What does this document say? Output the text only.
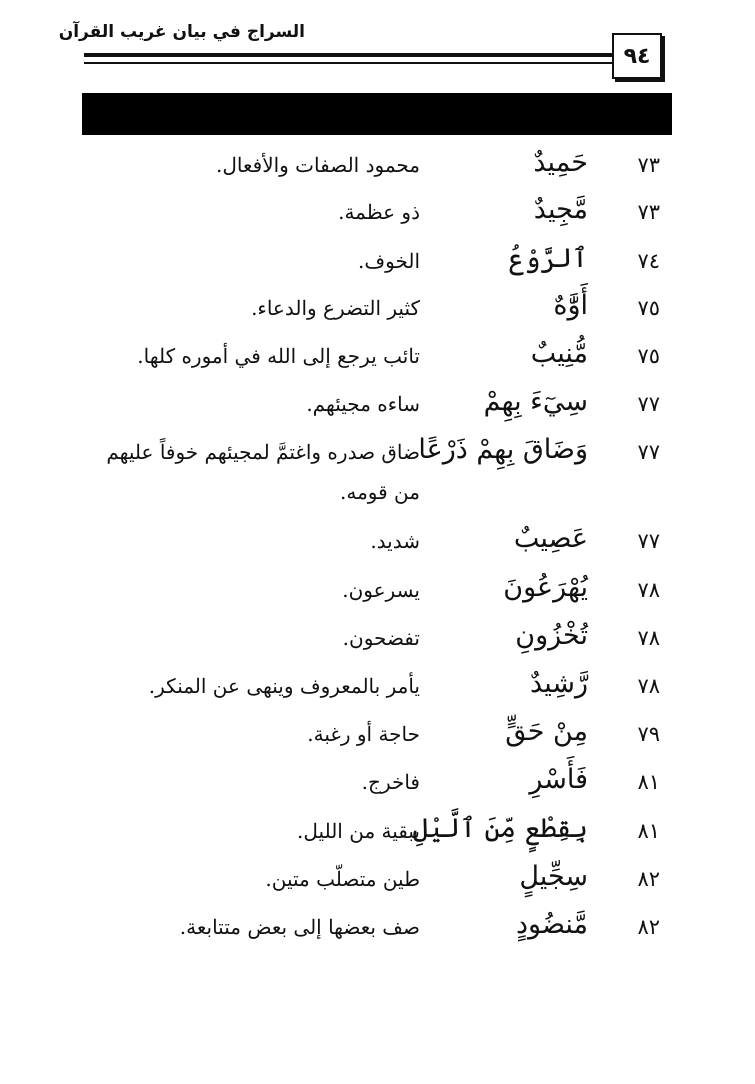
السراج في بيان غريب القرآن
٩٤
٧٣
حَمِيدٌ
محمود الصفات والأفعال.
٧٣
مَّجِيدٌ
ذو عظمة.
٧٤
ٱلرَّوْعُ
الخوف.
٧٥
أَوَّٰهٌ
كثير التضرع والدعاء.
٧٥
مُّنِيبٌ
تائب يرجع إلى الله في أموره كلها.
٧٧
سِيٓءَ بِهِمْ
ساءه مجيئهم.
٧٧
وَضَاقَ بِهِمْ ذَرْعًا
ضاق صدره واغتمَّ لمجيئهم خوفاً عليهم من قومه.
٧٧
عَصِيبٌ
شديد.
٧٨
يُهْرَعُونَ
يسرعون.
٧٨
تُخْزُونِ
تفضحون.
٧٨
رَّشِيدٌ
يأمر بالمعروف وينهى عن المنكر.
٧٩
مِنْ حَقٍّ
حاجة أو رغبة.
٨١
فَأَسْرِ
فاخرج.
٨١
بِقِطْعٍ مِّنَ ٱلَّيْلِ
ببقية من الليل.
٨٢
سِجِّيلٍ
طين متصلّب متين.
٨٢
مَّنضُودٍ
صف بعضها إلى بعض متتابعة.
